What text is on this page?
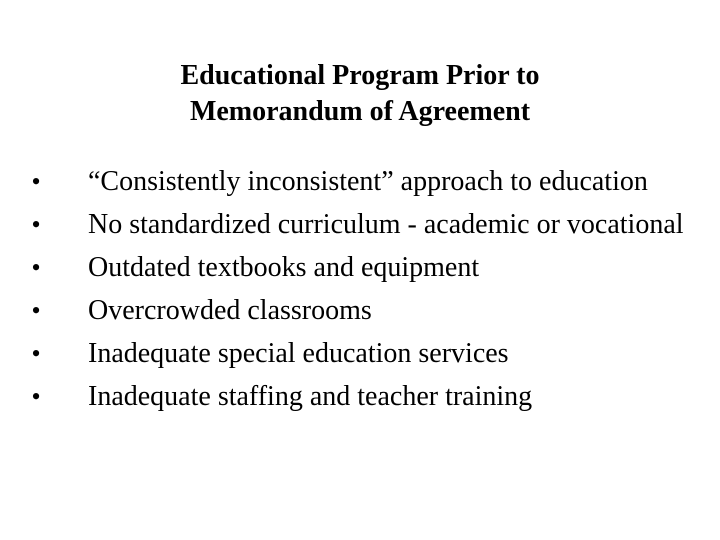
Educational Program Prior to
Memorandum of Agreement
• “Consistently inconsistent” approach to education
• No standardized curriculum - academic or vocational
• Outdated textbooks and equipment
• Overcrowded classrooms
• Inadequate special education services
• Inadequate staffing and teacher training
